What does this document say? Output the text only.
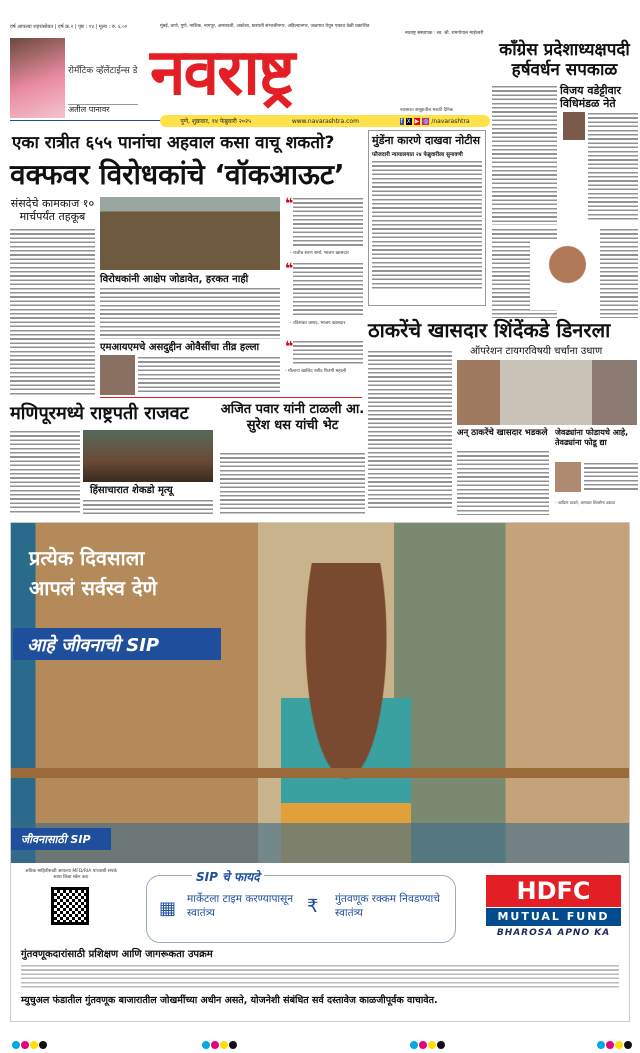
वर्ष आपल्या शहरासोबत | वर्ष क्र.२ | पृष्ठ : १४ | मूल्य : रु. ६.००	मुंबई, ठाणे, पुणे, नाशिक, नागपूर, अमरावती, अकोला, छत्रपती संभाजीनगर, अहिल्यानगर, जळगाव येथून एकाच वेळी प्रकाशित
नवराष्ट्र संस्थापक : स्व. श्री. रामगोपाल माहेश्वरी
रोमँटिक व्हॅलेंटाईन्स डे
अतील पानावर नवराष्ट्र
नवभारत समूहातील मराठी दैनिक
पुणे, शुक्रवार, १४ फेब्रुवारी २०२५	www.navarashtra.com	f X ▶ ◎ /navarashtra
काँग्रेस प्रदेशाध्यक्षपदी हर्षवर्धन सपकाळ
विजय वडेट्टीवार विधिमंडळ नेते
एका रात्रीत ६५५ पानांचा अहवाल कसा वाचू शकतो?
वक्फवर विरोधकांचे ‘वॉकआऊट’
संसदेचे कामकाज १० मार्चपर्यंत तहकूब
विरोधकांनी आक्षेप जोडावेत, हरकत नाही
एमआयएमचे असदुद्दीन ओवैसींचा तीव्र हल्ला
❝
- राजीव शरण शर्मा, भाजप खासदार
❝
- रविशंकर प्रसाद, भाजप खासदार
❝
- मौलाना खालिद रशीद फिरंगी महाली
मुंडेंना कारणे दाखवा नोटीस
फौजदारी न्यायालयात २४ फेब्रुवारीला सुनावणी
ठाकरेंचे खासदार शिंदेंकडे डिनरला
ऑपरेशन टायगरविषयी चर्चांना उधाण
अन् ठाकरेंचे खासदार भडकले जेवढ्यांना फोडायचे आहे, तेवढ्यांना फोडू द्या
- आदित्य ठाकरे, आमदार शिवसेना उबाठा
मणिपूरमध्ये राष्ट्रपती राजवट
हिंसाचारात शेकडो मृत्यू
अजित पवार यांनी टाळली आ. सुरेश धस यांची भेट
प्रत्येक दिवसाला
आपलं सर्वस्व देणे
आहे जीवनाची SIP
जीवनासाठी SIP
अधिक माहितीसाठी आपल्या MFD/RIA यांच्याशी संपर्क साधा किंवा स्कॅन करा	SIP चे फायदे
▦ मार्केटला टाइम करण्यापासून स्वातंत्र्य	₹ गुंतवणूक रक्कम निवडण्याचे स्वातंत्र्य
HDFC
MUTUAL FUND
BHAROSA APNO KA
गुंतवणूकदारांसाठी प्रशिक्षण आणि जागरूकता उपक्रम
म्युचुअल फंडातील गुंतवणूक बाजारातील जोखमींच्या अधीन असते, योजनेशी संबंधित सर्व दस्तावेज काळजीपूर्वक वाचावेत.
